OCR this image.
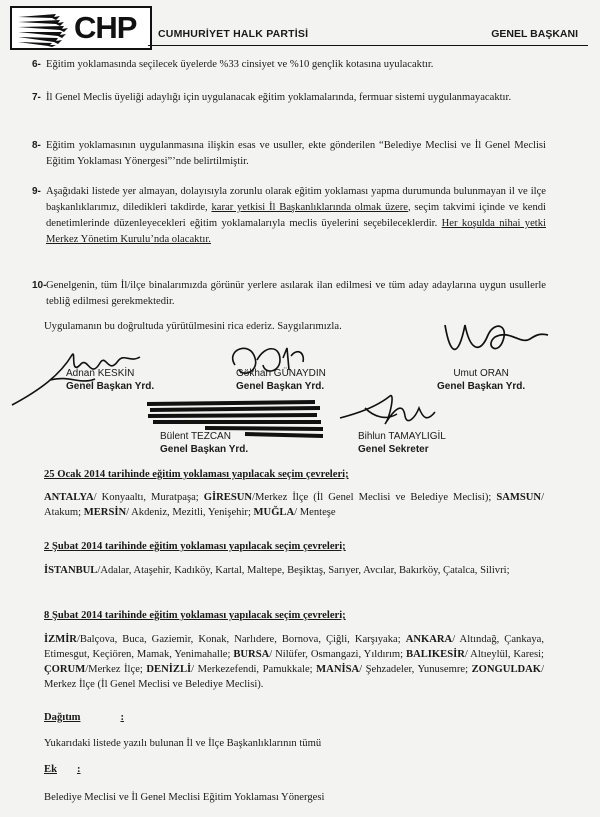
CHP CUMHURİYET HALK PARTİSİ	GENEL BAŞKANI
6- Eğitim yoklamasında seçilecek üyelerde %33 cinsiyet ve %10 gençlik kotasına uyulacaktır.
7- İl Genel Meclis üyeliği adaylığı için uygulanacak eğitim yoklamalarında, fermuar sistemi uygulanmayacaktır.
8- Eğitim yoklamasının uygulanmasına ilişkin esas ve usuller, ekte gönderilen “Belediye Meclisi ve İl Genel Meclisi Eğitim Yoklaması Yönergesi”’nde belirtilmiştir.
9- Aşağıdaki listede yer almayan, dolayısıyla zorunlu olarak eğitim yoklaması yapma durumunda bulunmayan il ve ilçe başkanlıklarımız, diledikleri takdirde, karar yetkisi İl Başkanlıklarında olmak üzere, seçim takvimi içinde ve kendi denetimlerinde düzenleyecekleri eğitim yoklamalarıyla meclis üyelerini seçebileceklerdir. Her koşulda nihai yetki Merkez Yönetim Kurulu’nda olacaktır.
10- Genelgenin, tüm İl/ilçe binalarımızda görünür yerlere asılarak ilan edilmesi ve tüm aday adaylarına uygun usullerle tebliğ edilmesi gerekmektedir.
Uygulamanın bu doğrultuda yürütülmesini rica ederiz. Saygılarımızla.
Adnan KESKİN
Genel Başkan Yrd.
Gökhan GÜNAYDIN
Genel Başkan Yrd.
Umut ORAN
Genel Başkan Yrd.
Bülent TEZCAN
Genel Başkan Yrd.
Bihlun TAMAYLIGİL
Genel Sekreter
25 Ocak 2014 tarihinde eğitim yoklaması yapılacak seçim çevreleri;
ANTALYA/ Konyaaltı, Muratpaşa; GİRESUN/Merkez İlçe (İl Genel Meclisi ve Belediye Meclisi); SAMSUN/ Atakum; MERSİN/ Akdeniz, Mezitli, Yenişehir; MUĞLA/ Menteşe
2 Şubat 2014 tarihinde eğitim yoklaması yapılacak seçim çevreleri;
İSTANBUL/Adalar, Ataşehir, Kadıköy, Kartal, Maltepe, Beşiktaş, Sarıyer, Avcılar, Bakırköy, Çatalca, Silivri;
8 Şubat 2014 tarihinde eğitim yoklaması yapılacak seçim çevreleri;
İZMİR/Balçova, Buca, Gaziemir, Konak, Narlıdere, Bornova, Çiğli, Karşıyaka; ANKARA/ Altındağ, Çankaya, Etimesgut, Keçiören, Mamak, Yenimahalle; BURSA/ Nilüfer, Osmangazi, Yıldırım; BALIKESİR/ Altıeylül, Karesi; ÇORUM/Merkez İlçe; DENİZLİ/ Merkezefendi, Pamukkale; MANİSA/ Şehzadeler, Yunusemre; ZONGULDAK/ Merkez İlçe (İl Genel Meclisi ve Belediye Meclisi).
Dağıtım	:
Yukarıdaki listede yazılı bulunan İl ve İlçe Başkanlıklarının tümü
Ek :
Belediye Meclisi ve İl Genel Meclisi Eğitim Yoklaması Yönergesi
